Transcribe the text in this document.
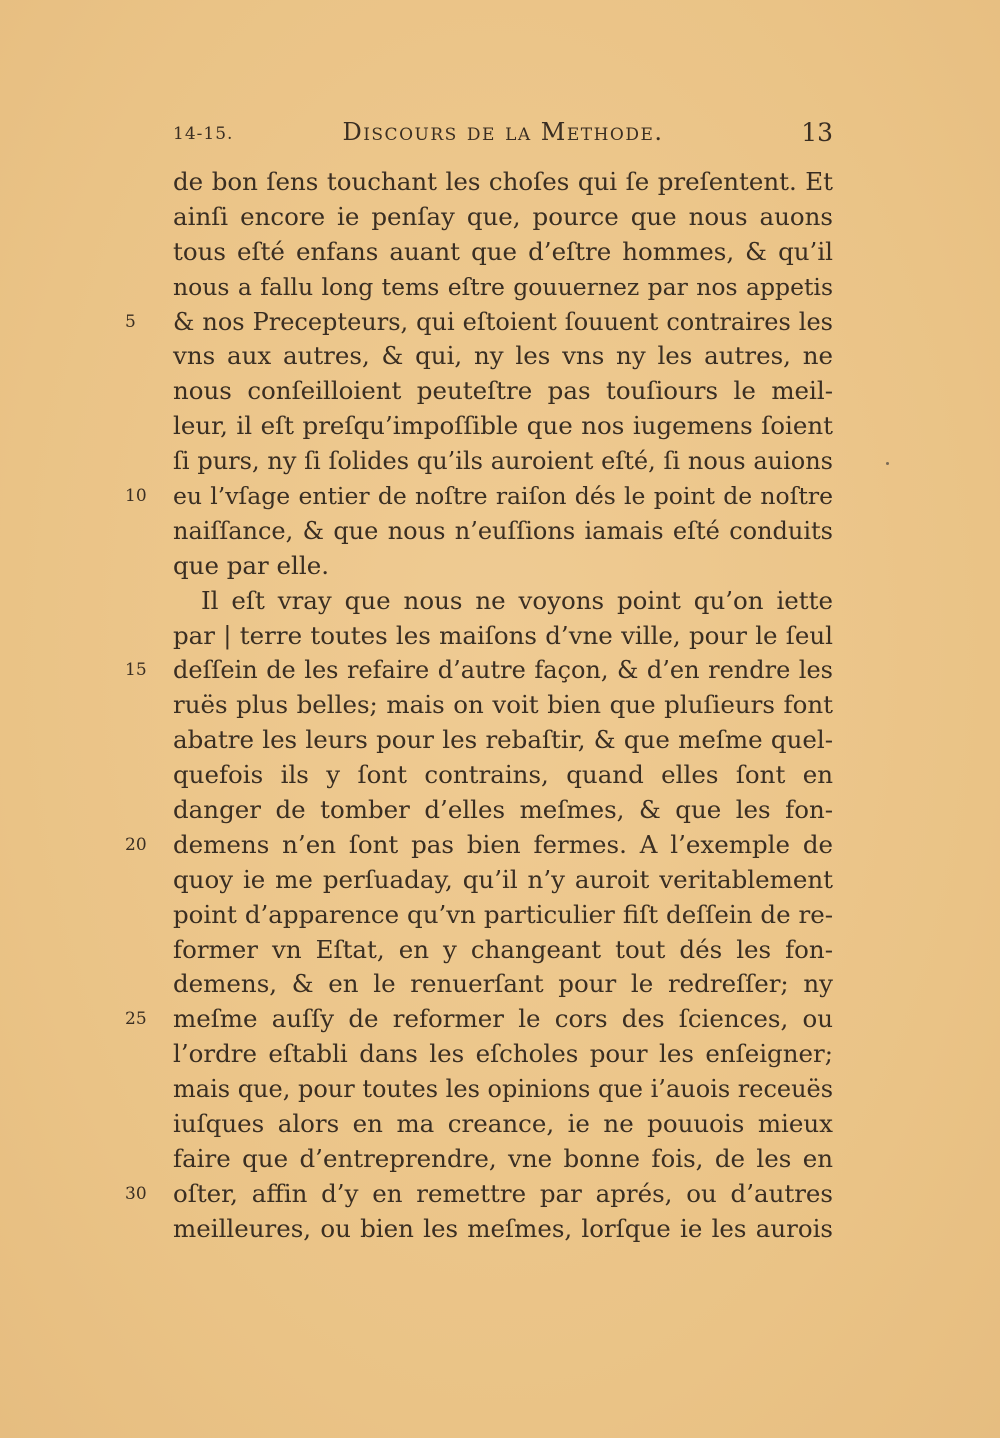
14-15.	Discours de la Methode.	13
de bon ſens touchant les choſes qui ſe preſentent. Et
ainſi encore ie penſay que, pource que nous auons
tous eſté enfans auant que d’eſtre hommes, & qu’il
nous a fallu long tems eſtre gouuernez par nos appetis
5	& nos Precepteurs, qui eſtoient ſouuent contraires les
vns aux autres, & qui, ny les vns ny les autres, ne
nous conſeilloient peuteſtre pas touſiours le meil-
leur, il eſt preſqu’impoſſible que nos iugemens ſoient
ſi purs, ny ſi ſolides qu’ils auroient eſté, ſi nous auions
10 eu l’vſage entier de noſtre raiſon dés le point de noſtre
naiſſance, & que nous n’euſſions iamais eſté conduits
que par elle.
Il eſt vray que nous ne voyons point qu’on iette
par | terre toutes les maiſons d’vne ville, pour le ſeul
15 deſſein de les refaire d’autre façon, & d’en rendre les
ruës plus belles; mais on voit bien que pluſieurs font
abatre les leurs pour les rebaſtir, & que meſme quel-
quefois ils y ſont contrains, quand elles ſont en
danger de tomber d’elles meſmes, & que les fon-
20 demens n’en ſont pas bien fermes. A l’exemple de
quoy ie me perſuaday, qu’il n’y auroit veritablement
point d’apparence qu’vn particulier fiſt deſſein de re-
former vn Eſtat, en y changeant tout dés les fon-
demens, & en le renuerſant pour le redreſſer; ny
25 meſme auſſy de reformer le cors des ſciences, ou
l’ordre eſtabli dans les eſcholes pour les enſeigner;
mais que, pour toutes les opinions que i’auois receuës
iuſques alors en ma creance, ie ne pouuois mieux
faire que d’entreprendre, vne bonne fois, de les en
30 oſter, affin d’y en remettre par aprés, ou d’autres
meilleures, ou bien les meſmes, lorſque ie les aurois
